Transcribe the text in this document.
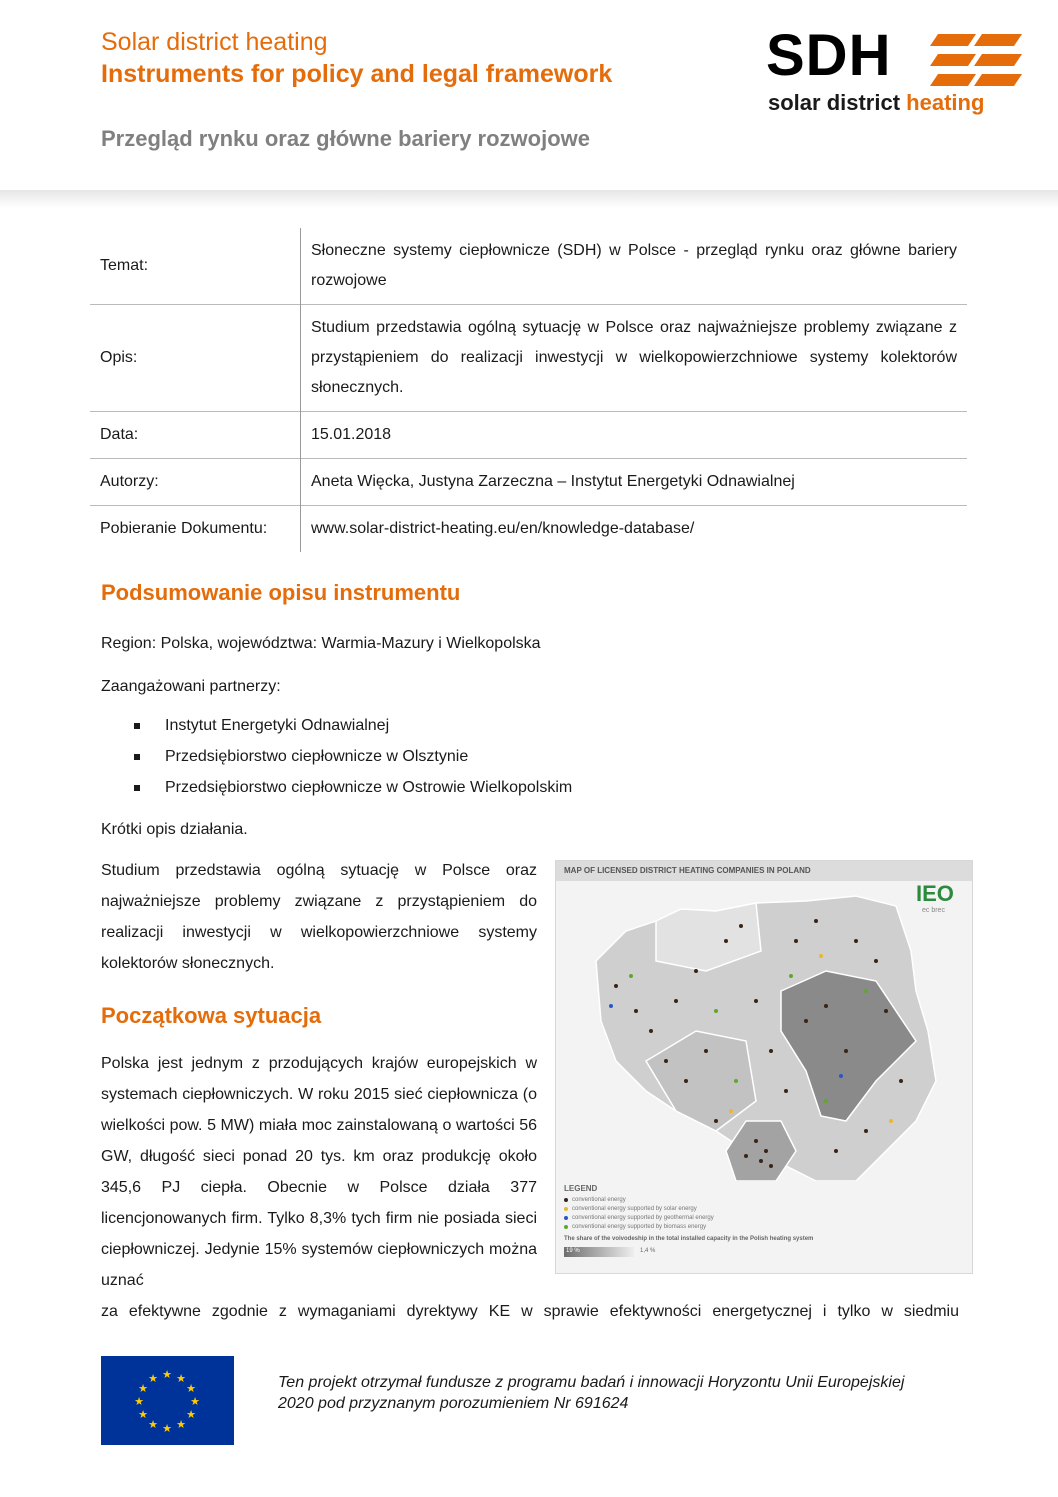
Solar district heating
Instruments for policy and legal framework
Przegląd rynku oraz główne bariery rozwojowe
SDH
solar district heating
Temat:	Słoneczne systemy ciepłownicze (SDH) w Polsce - przegląd rynku oraz główne bariery rozwojowe
Opis:	Studium przedstawia ogólną sytuację w Polsce oraz najważniejsze problemy związane z przystąpieniem do realizacji inwestycji w wielkopowierzchniowe systemy kolektorów słonecznych.
Data:	15.01.2018
Autorzy:	Aneta Więcka, Justyna Zarzeczna – Instytut Energetyki Odnawialnej
Pobieranie Dokumentu:	www.solar-district-heating.eu/en/knowledge-database/
Podsumowanie opisu instrumentu
Region: Polska, województwa: Warmia-Mazury i Wielkopolska
Zaangażowani partnerzy:
Instytut Energetyki Odnawialnej
Przedsiębiorstwo ciepłownicze w Olsztynie
Przedsiębiorstwo ciepłownicze w Ostrowie Wielkopolskim
Krótki opis działania.
Studium przedstawia ogólną sytuację w Polsce oraz najważniejsze problemy związane z przystąpieniem do realizacji inwestycji w wielkopowierzchniowe systemy kolektorów słonecznych.
Początkowa sytuacja
Polska jest jednym z przodujących krajów europejskich w systemach ciepłowniczych. W roku 2015 sieć ciepłownicza (o wielkości pow. 5 MW) miała moc zainstalowaną o wartości 56 GW, długość sieci ponad 20 tys. km oraz produkcję około 345,6 PJ ciepła. Obecnie w Polsce działa 377 licencjonowanych firm. Tylko 8,3% tych firm nie posiada sieci ciepłowniczej. Jedynie 15% systemów ciepłowniczych można uznać
za efektywne zgodnie z wymaganiami dyrektywy KE w sprawie efektywności energetycznej i tylko w siedmiu
MAP OF LICENSED DISTRICT HEATING COMPANIES IN POLAND
IEO
ec brec
LEGEND
conventional energy
conventional energy supported by solar energy
conventional energy supported by geothermal energy
conventional energy supported by biomass energy
The share of the voivodeship in the total installed capacity in the Polish heating system
19 %	1,4 %
★ ★
★
★
★
★
★
★
★
★
★
★	Ten projekt otrzymał fundusze z programu badań i innowacji Horyzontu Unii Europejskiej 2020 pod przyznanym porozumieniem Nr 691624
